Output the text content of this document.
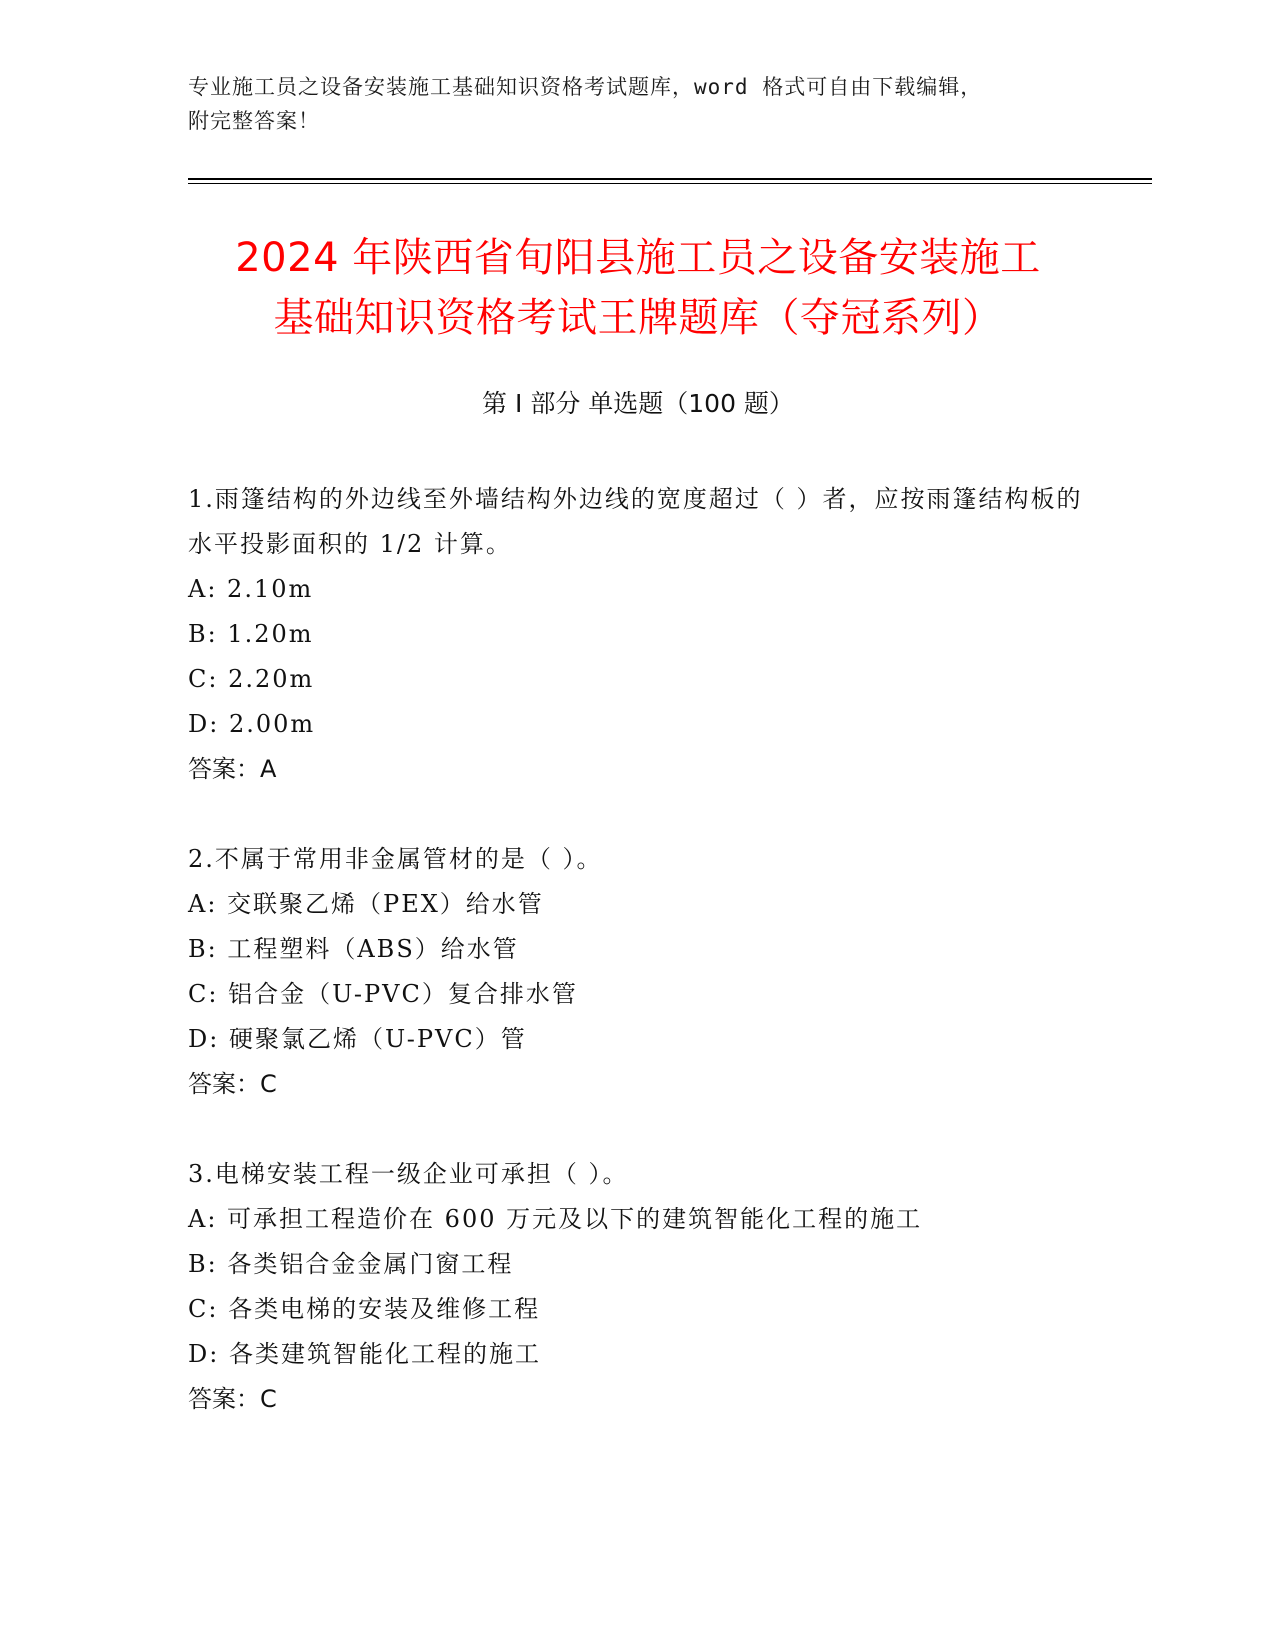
专业施工员之设备安装施工基础知识资格考试题库，word 格式可自由下载编辑，
附完整答案！
2024 年陕西省旬阳县施工员之设备安装施工
基础知识资格考试王牌题库（夺冠系列）
第 I 部分 单选题（100 题）

1.雨篷结构的外边线至外墙结构外边线的宽度超过（ ）者，应按雨篷结构板的水平投影面积的 1/2 计算。

A: 2.10m

B: 1.20m

C: 2.20m

D: 2.00m

答案：A

2.不属于常用非金属管材的是（ ）。

A: 交联聚乙烯（PEX）给水管

B: 工程塑料（ABS）给水管

C: 铝合金（U-PVC）复合排水管

D: 硬聚氯乙烯（U-PVC）管

答案：C

3.电梯安装工程一级企业可承担（ ）。

A: 可承担工程造价在 600 万元及以下的建筑智能化工程的施工

B: 各类铝合金金属门窗工程

C: 各类电梯的安装及维修工程

D: 各类建筑智能化工程的施工

答案：C
